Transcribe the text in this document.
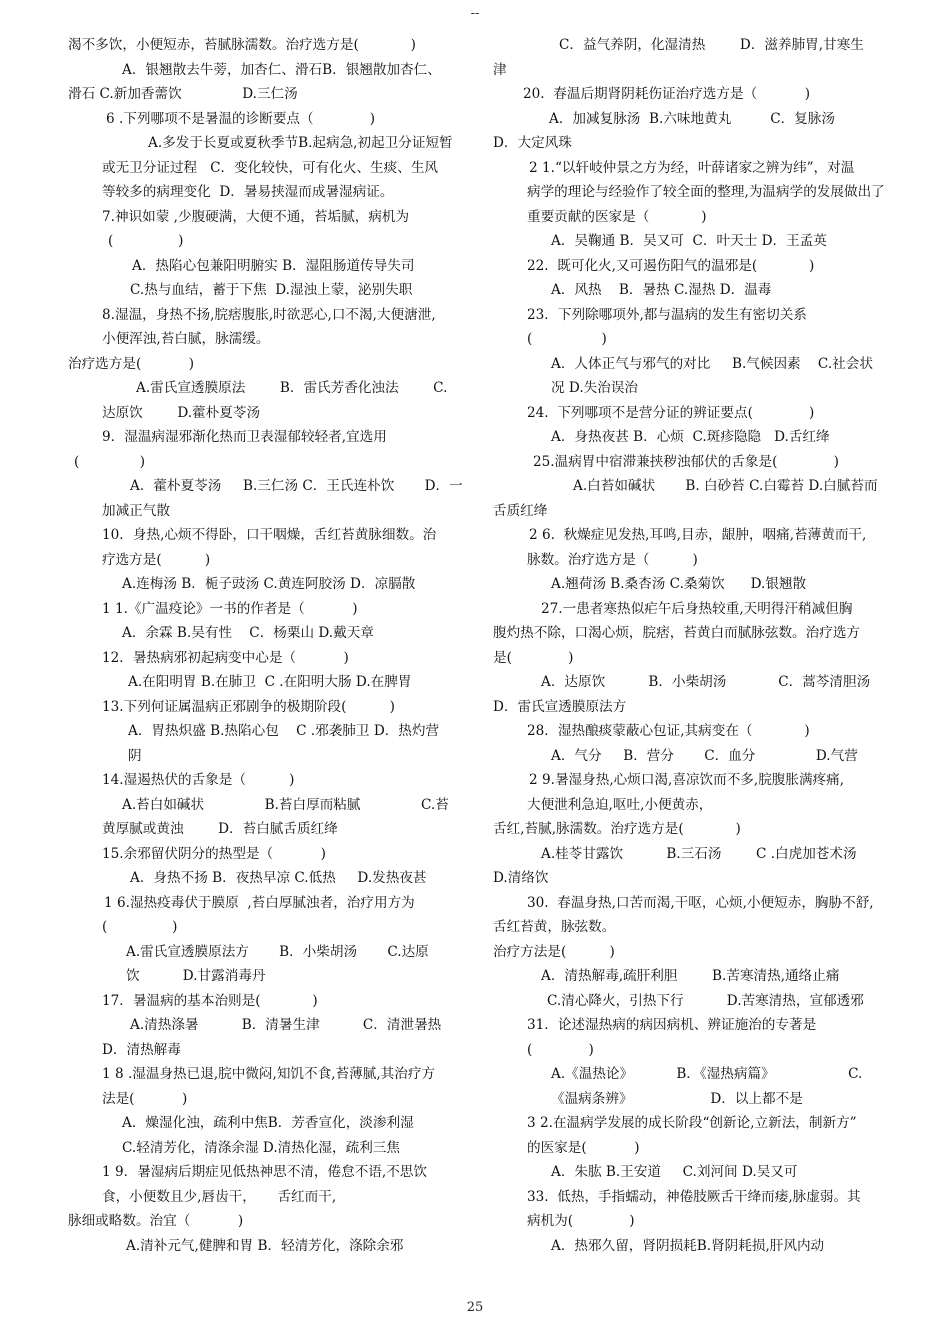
--
渴不多饮，小便短赤，苔腻脉濡数。治疗选方是(            )
A．银翘散去牛蒡，加杏仁、滑石B．银翘散加杏仁、
滑石 C.新加香薷饮              D.三仁汤
6 .下列哪项不是暑温的诊断要点（             )
A.多发于长夏或夏秋季节B.起病急,初起卫分证短暂
或无卫分证过程   C．变化较快，可有化火、生痰、生风
等较多的病理变化  D．暑易挟湿而成暑湿病证。
7.神识如蒙 ,少腹硬满，大便不通，苔垢腻，病机为
(               )
A．热陷心包兼阳明腑实 B．湿阻肠道传导失司
C.热与血结，蓄于下焦  D.湿浊上蒙，泌别失职
8.湿温，身热不扬,脘痞腹胀,时欲恶心,口不渴,大便溏泄,
小便浑浊,苔白腻，脉濡缓。
治疗选方是(           )
A.雷氏宣透膜原法        B．雷氏芳香化浊法        C.
达原饮        D.藿朴夏苓汤
9．湿温病湿邪渐化热而卫表湿郁较轻者,宜选用
(              )
A．藿朴夏苓汤     B.三仁汤 C．王氏连朴饮       D．一
加减正气散
10．身热,心烦不得卧，口干咽燥，舌红苔黄脉细数。治
疗选方是(          )
A.连梅汤 B．栀子豉汤 C.黄连阿胶汤 D．凉膈散
1 1.《广温疫论》一书的作者是（           )
A．余霖 B.吴有性    C．杨栗山 D.戴天章
12．暑热病邪初起病变中心是（           )
A.在阳明胃 B.在肺卫  C .在阳明大肠 D.在脾胃
13.下列何证属温病正邪剧争的极期阶段(          )
A．胃热炽盛 B.热陷心包    C .邪袭肺卫 D．热灼营
阴
14.湿遏热伏的舌象是（          )
A.苔白如碱状              B.苔白厚而粘腻              C.苔
黄厚腻或黄浊        D．苔白腻舌质红绛
15.余邪留伏阴分的热型是（           )
A．身热不扬 B．夜热早凉 C.低热     D.发热夜甚
1 6.湿热疫毒伏于膜原  ,苔白厚腻浊者，治疗用方为
(               )
A.雷氏宣透膜原法方       B．小柴胡汤       C.达原
饮          D.甘露消毒丹
17．暑温病的基本治则是(            )
A.清热涤暑          B．清暑生津          C．清泄暑热
D．清热解毒
1 8 .湿温身热已退,脘中微闷,知饥不食,苔薄腻,其治疗方
法是(           )
A．燥湿化浊，疏利中焦B．芳香宣化，淡渗利湿
C.轻清芳化，清涤余湿 D.清热化湿，疏利三焦
1 9．暑湿病后期症见低热神思不清，倦怠不语,不思饮
食，小便数且少,唇齿干，     舌红而干,
脉细或略数。治宜（           )
A.清补元气,健脾和胃 B．轻清芳化，涤除余邪
C．益气养阴，化湿清热        D．滋养肺胃,甘寒生
津
20.  春温后期肾阴耗伤证治疗选方是（           )
A．加减复脉汤  B.六味地黄丸         C．复脉汤
D．大定风珠
2 1.“以轩岐仲景之方为经，叶薛诸家之辨为纬”，对温
病学的理论与经验作了较全面的整理,为温病学的发展做出了
重要贡献的医家是（            )
A．吴鞠通 B．吴又可  C．叶天士 D．王孟英
22.  既可化火,又可遏伤阳气的温邪是(            )
A．风热    B．暑热 C.湿热 D．温毒
23．下列除哪项外,都与温病的发生有密切关系
(                )
A．人体正气与邪气的对比     B.气候因素    C.社会状
况 D.失治误治
24.  下列哪项不是营分证的辨证要点(             )
A．身热夜甚 B．心烦  C.斑疹隐隐   D.舌红绛
25.温病胃中宿滞兼挟秽浊郁伏的舌象是(             )
A.白苔如碱状       B. 白砂苔 C.白霉苔 D.白腻苔而
舌质红绛
2 6.  秋燥症见发热,耳鸣,目赤，龈肿，咽痛,苔薄黄而干,
脉数。治疗选方是（          )
A.翘荷汤 B.桑杏汤 C.桑菊饮      D.银翘散
27.一患者寒热似疟午后身热较重,天明得汗稍减但胸
腹灼热不除，口渴心烦，脘痞，苔黄白而腻脉弦数。治疗选方
是(             )
A．达原饮          B．小柴胡汤            C．蒿芩清胆汤
D．雷氏宣透膜原法方
28．湿热酿痰蒙蔽心包证,其病变在（            )
A．气分     B．营分       C．血分              D.气营
2 9.暑湿身热,心烦口渴,喜凉饮而不多,脘腹胀满疼痛,
大便泄利急迫,呕吐,小便黄赤，
舌红,苔腻,脉濡数。治疗选方是(            )
A.桂苓甘露饮          B.三石汤        C .白虎加苍术汤
D.清络饮
30.  春温身热,口苦而渴,干呕，心烦,小便短赤，胸胁不舒,
舌红苔黄，脉弦数。
治疗方法是(          )
A．清热解毒,疏肝利胆        B.苦寒清热,通络止痛
C.清心降火，引热下行          D.苦寒清热，宣郁透邪
31．论述湿热病的病因病机、辨证施治的专著是
(             )
A.《温热论》          B．《湿热病篇》                 C.
《温病条辨》                  D．以上都不是
3 2.在温病学发展的成长阶段“创新论,立新法，制新方”
的医家是(           )
A．朱肱 B.王安道     C.刘河间 D.吴又可
33.  低热，手指蠕动，神倦肢厥舌干绛而痿,脉虚弱。其
病机为(             )
A．热邪久留，肾阴损耗B.肾阴耗损,肝风内动
25
